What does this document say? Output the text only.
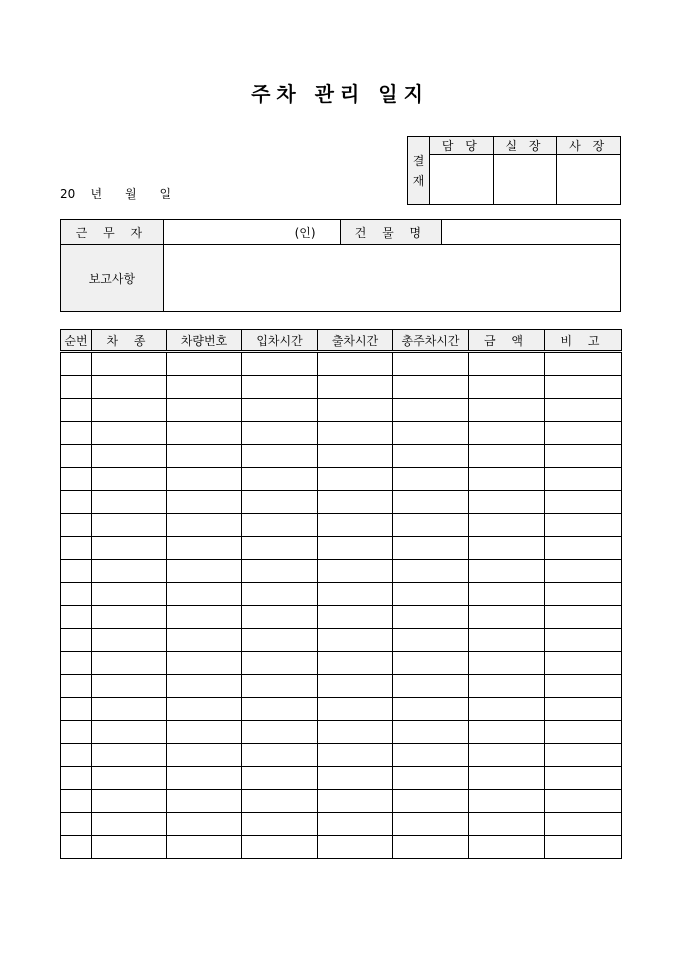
주차 관리 일지
20    년      월      일
결
재	담 당	실 장	사 장

근 무 자	(인)	건 물 명	
보고사항			
순번	차 종	차량번호	입차시간	출차시간	총주차시간	금 액	비 고
